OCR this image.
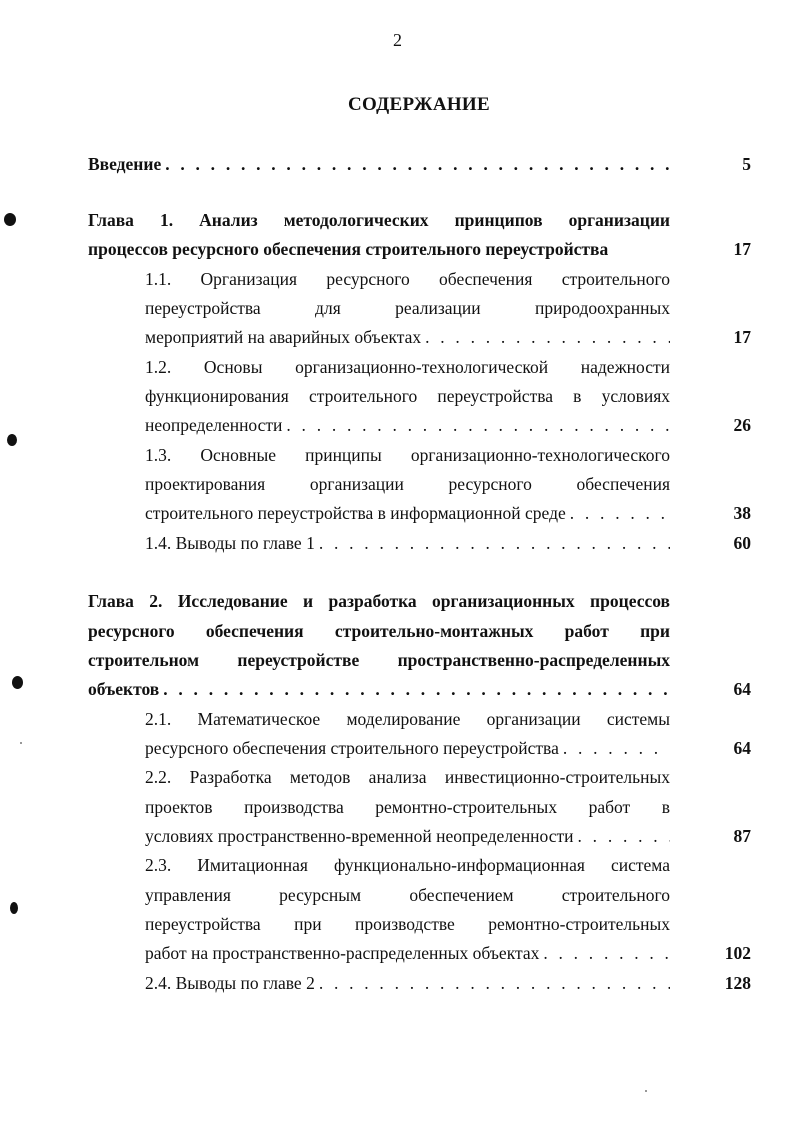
2
СОДЕРЖАНИЕ
Введение . . .	5
Глава 1. Анализ методологических принципов организации
процессов ресурсного обеспечения строительного переустройства	17
1.1. Организация ресурсного обеспечения строительного
переустройства для реализации природоохранных
мероприятий на аварийных объектах . . .	17
1.2. Основы организационно-технологической надежности
функционирования строительного переустройства в условиях
неопределенности . . .	26
1.3. Основные принципы организационно-технологического
проектирования организации ресурсного обеспечения
строительного переустройства в информационной среде . . .	38
1.4. Выводы по главе 1 . . .	60
Глава 2. Исследование и разработка организационных процессов
ресурсного обеспечения строительно-монтажных работ при
строительном переустройстве пространственно-распределенных
объектов . . .	64
2.1. Математическое моделирование организации системы
ресурсного обеспечения строительного переустройства . . .	64
2.2. Разработка методов анализа инвестиционно-строительных
проектов производства ремонтно-строительных работ в
условиях пространственно-временной неопределенности . . .	87
2.3. Имитационная функционально-информационная система
управления ресурсным обеспечением строительного
переустройства при производстве ремонтно-строительных
работ на пространственно-распределенных объектах . . .	102
2.4. Выводы по главе 2 . . .	128
